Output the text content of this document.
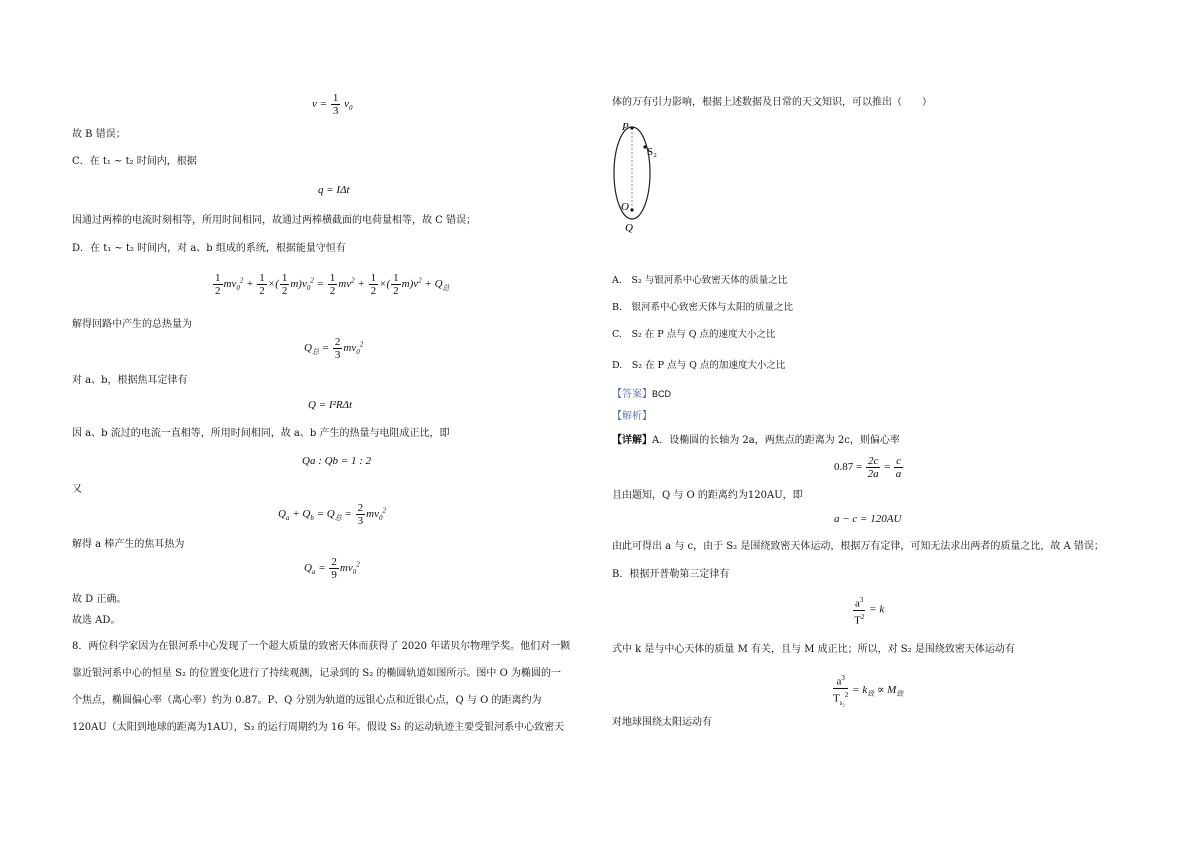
$v = \frac{1}{3} v_0$
故 B 错误；
C．在 t₁ ~ t₂ 时间内，根据
q = IΔt
因通过两棒的电流时刻相等，所用时间相同，故通过两棒横截面的电荷量相等，故 C 错误；
D．在 t₁ ~ t₂ 时间内，对 a、b 组成的系统，根据能量守恒有
$\frac{1}{2} mv_0^2 + \frac{1}{2}$ ×( $\frac{1}{2} m)v_0^2 = \frac{1}{2} mv^2 + \frac{1}{2}$ ×( $\frac{1}{2} m)v^2 + Q_总$
解得回路中产生的总热量为
$Q_总 = \frac{2}{3} mv_0^2$
对 a、b，根据焦耳定律有
Q = I²RΔt
因 a、b 流过的电流一直相等，所用时间相同，故 a、b 产生的热量与电阻成正比，即
Qa : Qb = 1 : 2
又
$Q_a + Q_b = Q_总 = \frac{2}{3} mv_0^2$
解得 a 棒产生的焦耳热为
$Q_a = \frac{2}{9} mv_0^2$
故 D 正确。
故选 AD。
8．两位科学家因为在银河系中心发现了一个超大质量的致密天体而获得了 2020 年诺贝尔物理学奖。他们对一颗
靠近银河系中心的恒星 S₂ 的位置变化进行了持续观测，记录到的 S₂ 的椭圆轨道如图所示。图中 O 为椭圆的一
个焦点，椭圆偏心率（离心率）约为 0.87。P、Q 分别为轨道的远银心点和近银心点，Q 与 O 的距离约为
120AU（太阳到地球的距离为1AU），S₂ 的运行周期约为 16 年。假设 S₂ 的运动轨迹主要受银河系中心致密天
体的万有引力影响，根据上述数据及日常的天文知识，可以推出（　　）
P
S₂
O
Q
A.　S₂ 与银河系中心致密天体的质量之比
B.　银河系中心致密天体与太阳的质量之比
C.　S₂ 在 P 点与 Q 点的速度大小之比
D.　S₂ 在 P 点与 Q 点的加速度大小之比
【答案】BCD
【解析】
【详解】A．设椭圆的长轴为 2a，两焦点的距离为 2c，则偏心率
$0.87 = \frac{2c}{2a} = \frac{c}{a}$
且由题知，Q 与 O 的距离约为120AU，即
a − c = 120AU
由此可得出 a 与 c，由于 S₂ 是围绕致密天体运动，根据万有定律，可知无法求出两者的质量之比，故 A 错误；
B．根据开普勒第三定律有
$\frac{a^3}{T^2} = k$
式中 k 是与中心天体的质量 M 有关，且与 M 成正比；所以，对 S₂ 是围绕致密天体运动有
$\frac{a^3}{T_{s_2}^2} = k_致 \propto M_致$
对地球围绕太阳运动有
